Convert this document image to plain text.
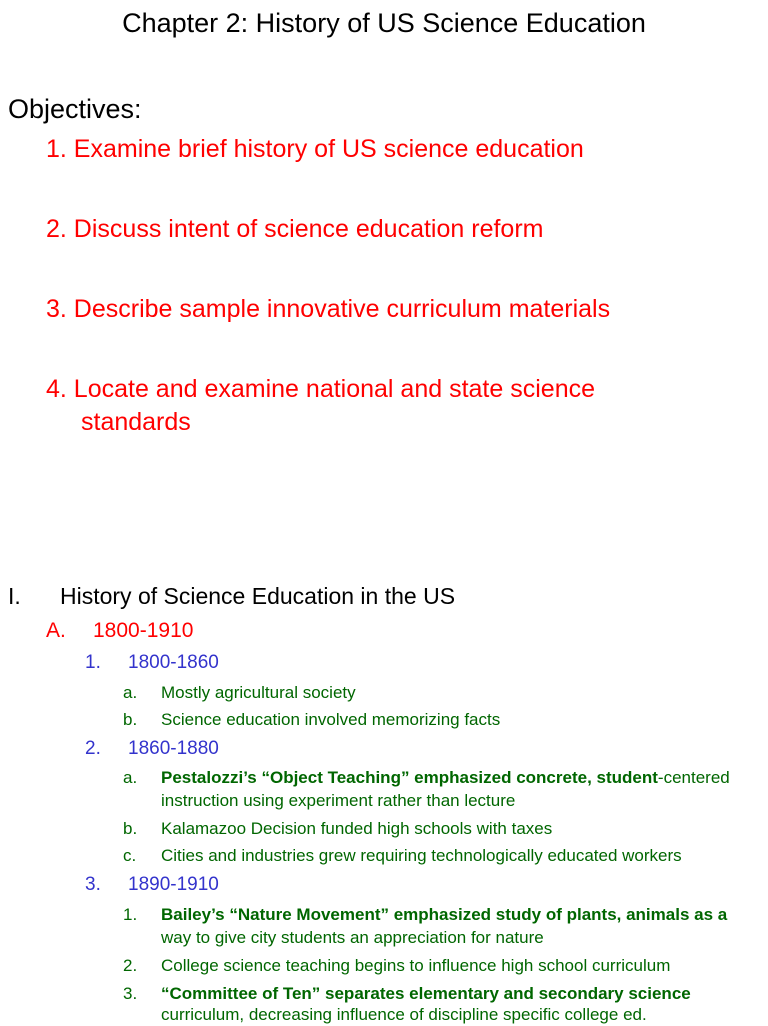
Chapter 2: History of US Science Education
Objectives:
1. Examine brief history of US science education
2. Discuss intent of science education reform
3. Describe sample innovative curriculum materials
4. Locate and examine national and state science
standards
I. History of Science Education in the US
A. 1800-1910
1. 1800-1860
a. Mostly agricultural society
b. Science education involved memorizing facts
2. 1860-1880
a. Pestalozzi’s “Object Teaching” emphasized concrete, student-centered
instruction using experiment rather than lecture
b. Kalamazoo Decision funded high schools with taxes
c. Cities and industries grew requiring technologically educated workers
3. 1890-1910
1. Bailey’s “Nature Movement” emphasized study of plants, animals as a
way to give city students an appreciation for nature
2. College science teaching begins to influence high school curriculum
3. “Committee of Ten” separates elementary and secondary science
curriculum, decreasing influence of discipline specific college ed.
